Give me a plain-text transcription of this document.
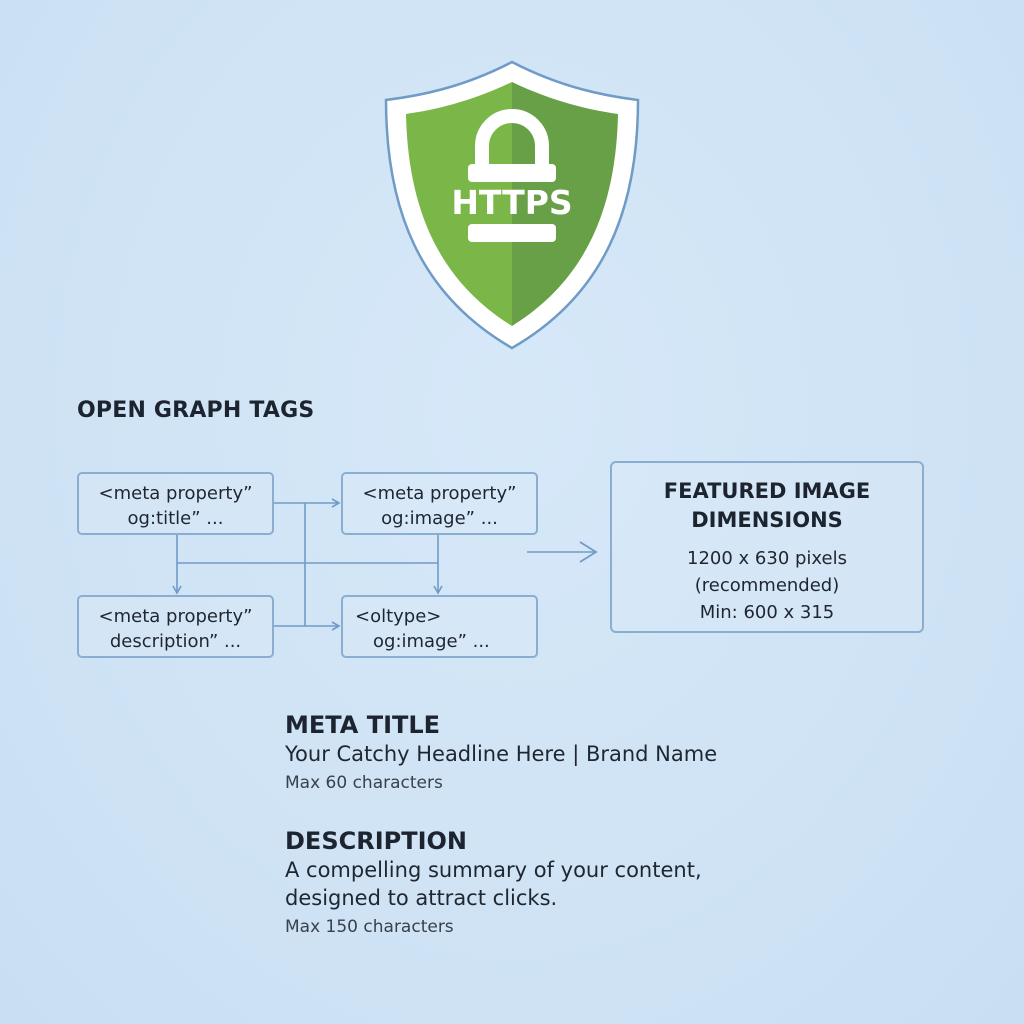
HTTPS
OPEN GRAPH TAGS
<meta property”
og:title” ...
<meta property”
og:image” ...
<meta property”
description” ...
<oltype>
og:image” ...
FEATURED IMAGE
DIMENSIONS
1200 x 630 pixels
(recommended)
Min: 600 x 315
META TITLE
Your Catchy Headline Here | Brand Name
Max 60 characters
DESCRIPTION
A compelling summary of your content,
designed to attract clicks.
Max 150 characters
